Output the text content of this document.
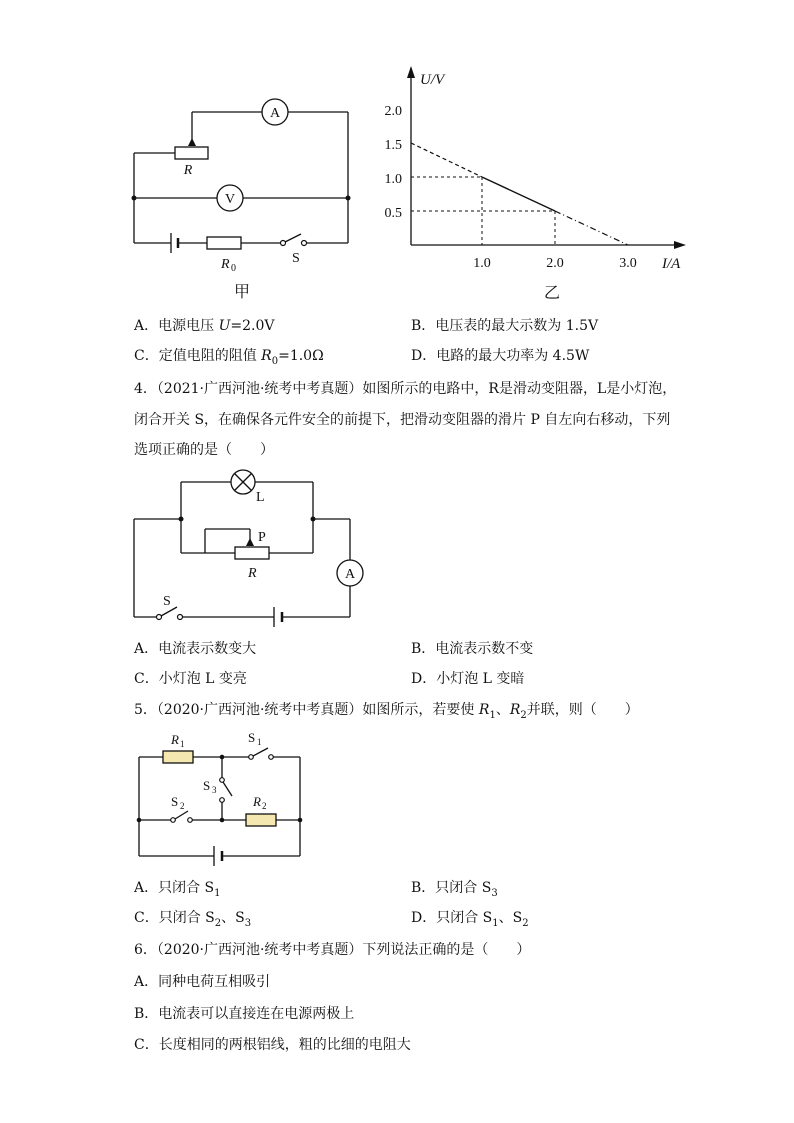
A
R
V
R 0
S
甲
U/V
I/A
2.0
1.5
1.0
0.5
1.0	2.0	3.0
乙
A．电源电压 U=2.0V	B．电压表的最大示数为 1.5V
C．定值电阻的阻值 $R_0=1.0\Omega$	D．电路的最大功率为 4.5W
4．（2021·广西河池·统考中考真题）如图所示的电路中，R是滑动变阻器，L是小灯泡，
闭合开关 S，在确保各元件安全的前提下，把滑动变阻器的滑片 P 自左向右移动，下列
选项正确的是（　　）
L
P
R	A
S
A．电流表示数变大	B．电流表示数不变
C．小灯泡 L 变亮	D．小灯泡 L 变暗
5．（2020·广西河池·统考中考真题）如图所示，若要使 $R_1$、$R_2$并联，则（　　）
R 1	S 1
S 3
S 2	R 2
A．只闭合 $S_1$	B．只闭合 $S_3$
C．只闭合 $S_2$、$S_3$	D．只闭合 $S_1$、$S_2$
6．（2020·广西河池·统考中考真题）下列说法正确的是（　　）
A．同种电荷互相吸引
B．电流表可以直接连在电源两极上
C．长度相同的两根铝线，粗的比细的电阻大
